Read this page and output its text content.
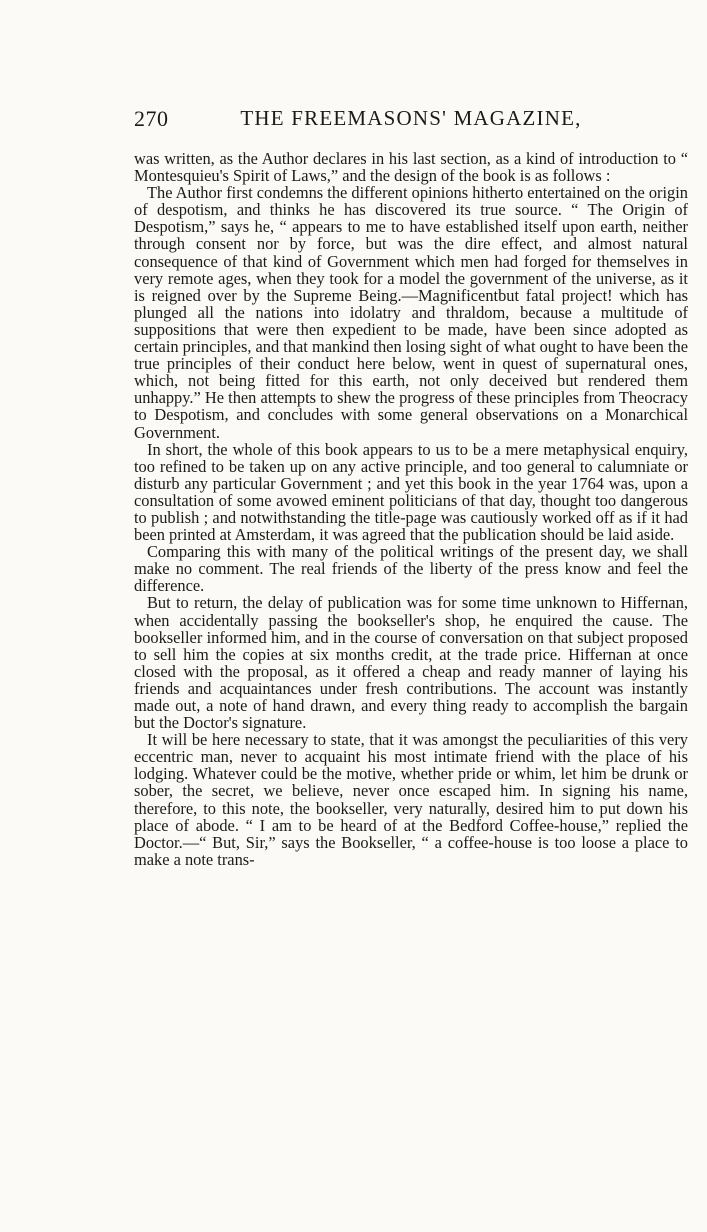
270	THE FREEMASONS' MAGAZINE,

was written, as the Author declares in his last section, as a kind of introduction to “ Montesquieu's Spirit of Laws,” and the design of the book is as follows :

The Author first condemns the different opinions hitherto entertained on the origin of despotism, and thinks he has discovered its true source. “ The Origin of Despotism,” says he, “ appears to me to have established itself upon earth, neither through consent nor by force, but was the dire effect, and almost natural consequence of that kind of Government which men had forged for themselves in very remote ages, when they took for a model the government of the universe, as it is reigned over by the Supreme Being.—Magnificentbut fatal project! which has plunged all the nations into idolatry and thraldom, because a multitude of suppositions that were then expedient to be made, have been since adopted as certain principles, and that mankind then losing sight of what ought to have been the true principles of their conduct here below, went in quest of supernatural ones, which, not being fitted for this earth, not only deceived but rendered them unhappy.” He then attempts to shew the progress of these principles from Theocracy to Despotism, and concludes with some general observations on a Monarchical Government.

In short, the whole of this book appears to us to be a mere metaphysical enquiry, too refined to be taken up on any active principle, and too general to calumniate or disturb any particular Government ; and yet this book in the year 1764 was, upon a consultation of some avowed eminent politicians of that day, thought too dangerous to publish ; and notwithstanding the title-page was cautiously worked off as if it had been printed at Amsterdam, it was agreed that the publication should be laid aside.

Comparing this with many of the political writings of the present day, we shall make no comment. The real friends of the liberty of the press know and feel the difference.

But to return, the delay of publication was for some time unknown to Hiffernan, when accidentally passing the bookseller's shop, he enquired the cause. The bookseller informed him, and in the course of conversation on that subject proposed to sell him the copies at six months credit, at the trade price. Hiffernan at once closed with the proposal, as it offered a cheap and ready manner of laying his friends and acquaintances under fresh contributions. The account was instantly made out, a note of hand drawn, and every thing ready to accomplish the bargain but the Doctor's signature.

It will be here necessary to state, that it was amongst the peculiarities of this very eccentric man, never to acquaint his most intimate friend with the place of his lodging. Whatever could be the motive, whether pride or whim, let him be drunk or sober, the secret, we believe, never once escaped him. In signing his name, therefore, to this note, the bookseller, very naturally, desired him to put down his place of abode. “ I am to be heard of at the Bedford Coffee-house,” replied the Doctor.—“ But, Sir,” says the Bookseller, “ a coffee-house is too loose a place to make a note trans-
